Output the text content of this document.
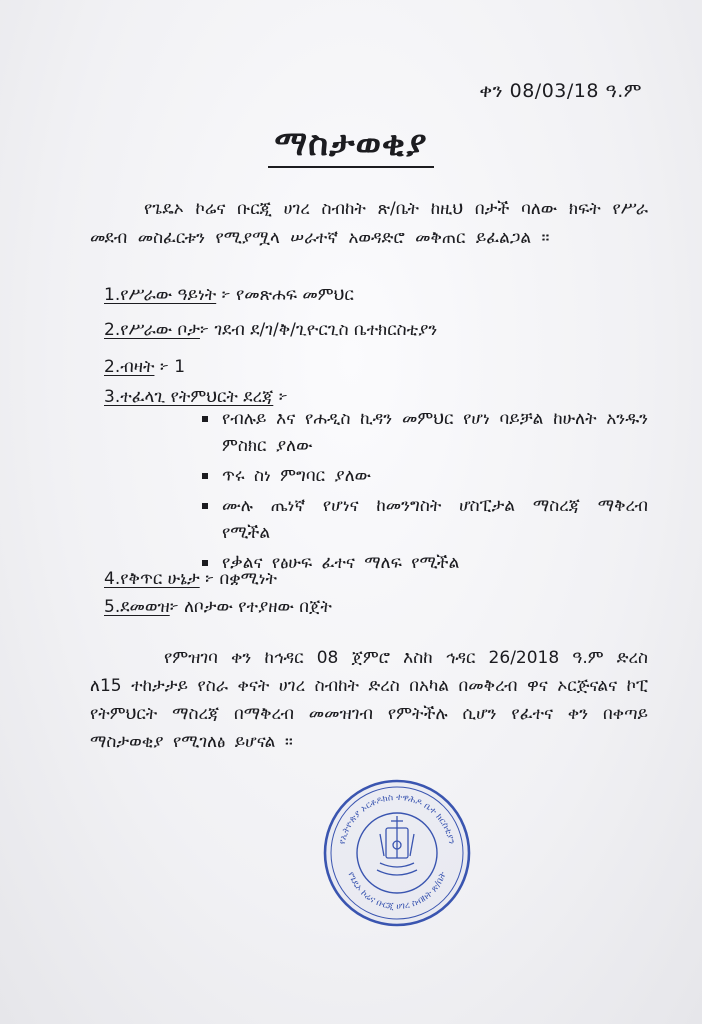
ቀን 08/03/18 ዓ.ም
ማስታወቂያ

የጌዴኦ ኮሬና ቡርጂ ሀገረ ስብከት ጽ/ቤት ከዚህ በታች ባለው ክፍት የሥራ መደብ መስፈርቱን የሚያሟላ ሠራተኛ አወዳድሮ መቅጠር ይፈልጋል ።

1.የሥራው ዓይነት ፦ የመጽሐፍ መምህር
2.የሥራው ቦታ፦ ገደብ ደ/ገ/ቅ/ጊዮርጊስ ቤተክርስቲያን
2.ብዛት ፦ 1
3.ተፈላጊ የትምህርት ደረጃ ፦
የብሉይ እና የሐዲስ ኪዳን መምህር የሆነ ባይቻል ከሁለት አንዱን ምስክር ያለው
ጥሩ ስነ ምግባር ያለው
ሙሉ ጤነኛ የሆነና ከመንግስት ሆስፒታል ማስረጃ ማቅረብ የሚችል
የቃልና የፅሁፍ ፈተና ማለፍ የሚችል
4.የቅጥር ሁኔታ ፦ በቋሚነት
5.ደመወዝ፦ ለቦታው የተያዘው በጀት

የምዝገባ ቀን ከኅዳር 08 ጀምሮ እስከ ኅዳር 26/2018 ዓ.ም ድረስ ለ15 ተከታታይ የስራ ቀናት ሀገረ ስብከት ድረስ በአካል በመቅረብ ዋና ኦርጅናልና ኮፒ የትምህርት ማስረጃ በማቅረብ መመዝገብ የምትችሉ ሲሆን የፈተና ቀን በቀጣይ ማስታወቂያ የሚገለፅ ይሆናል ።

የኢትዮጵያ ኦርቶዶክስ ተዋሕዶ ቤተ ክርስቲያን
የጌዴኦ ኮሬና ቡርጂ ሀገረ ስብከት ጽ/ቤት
